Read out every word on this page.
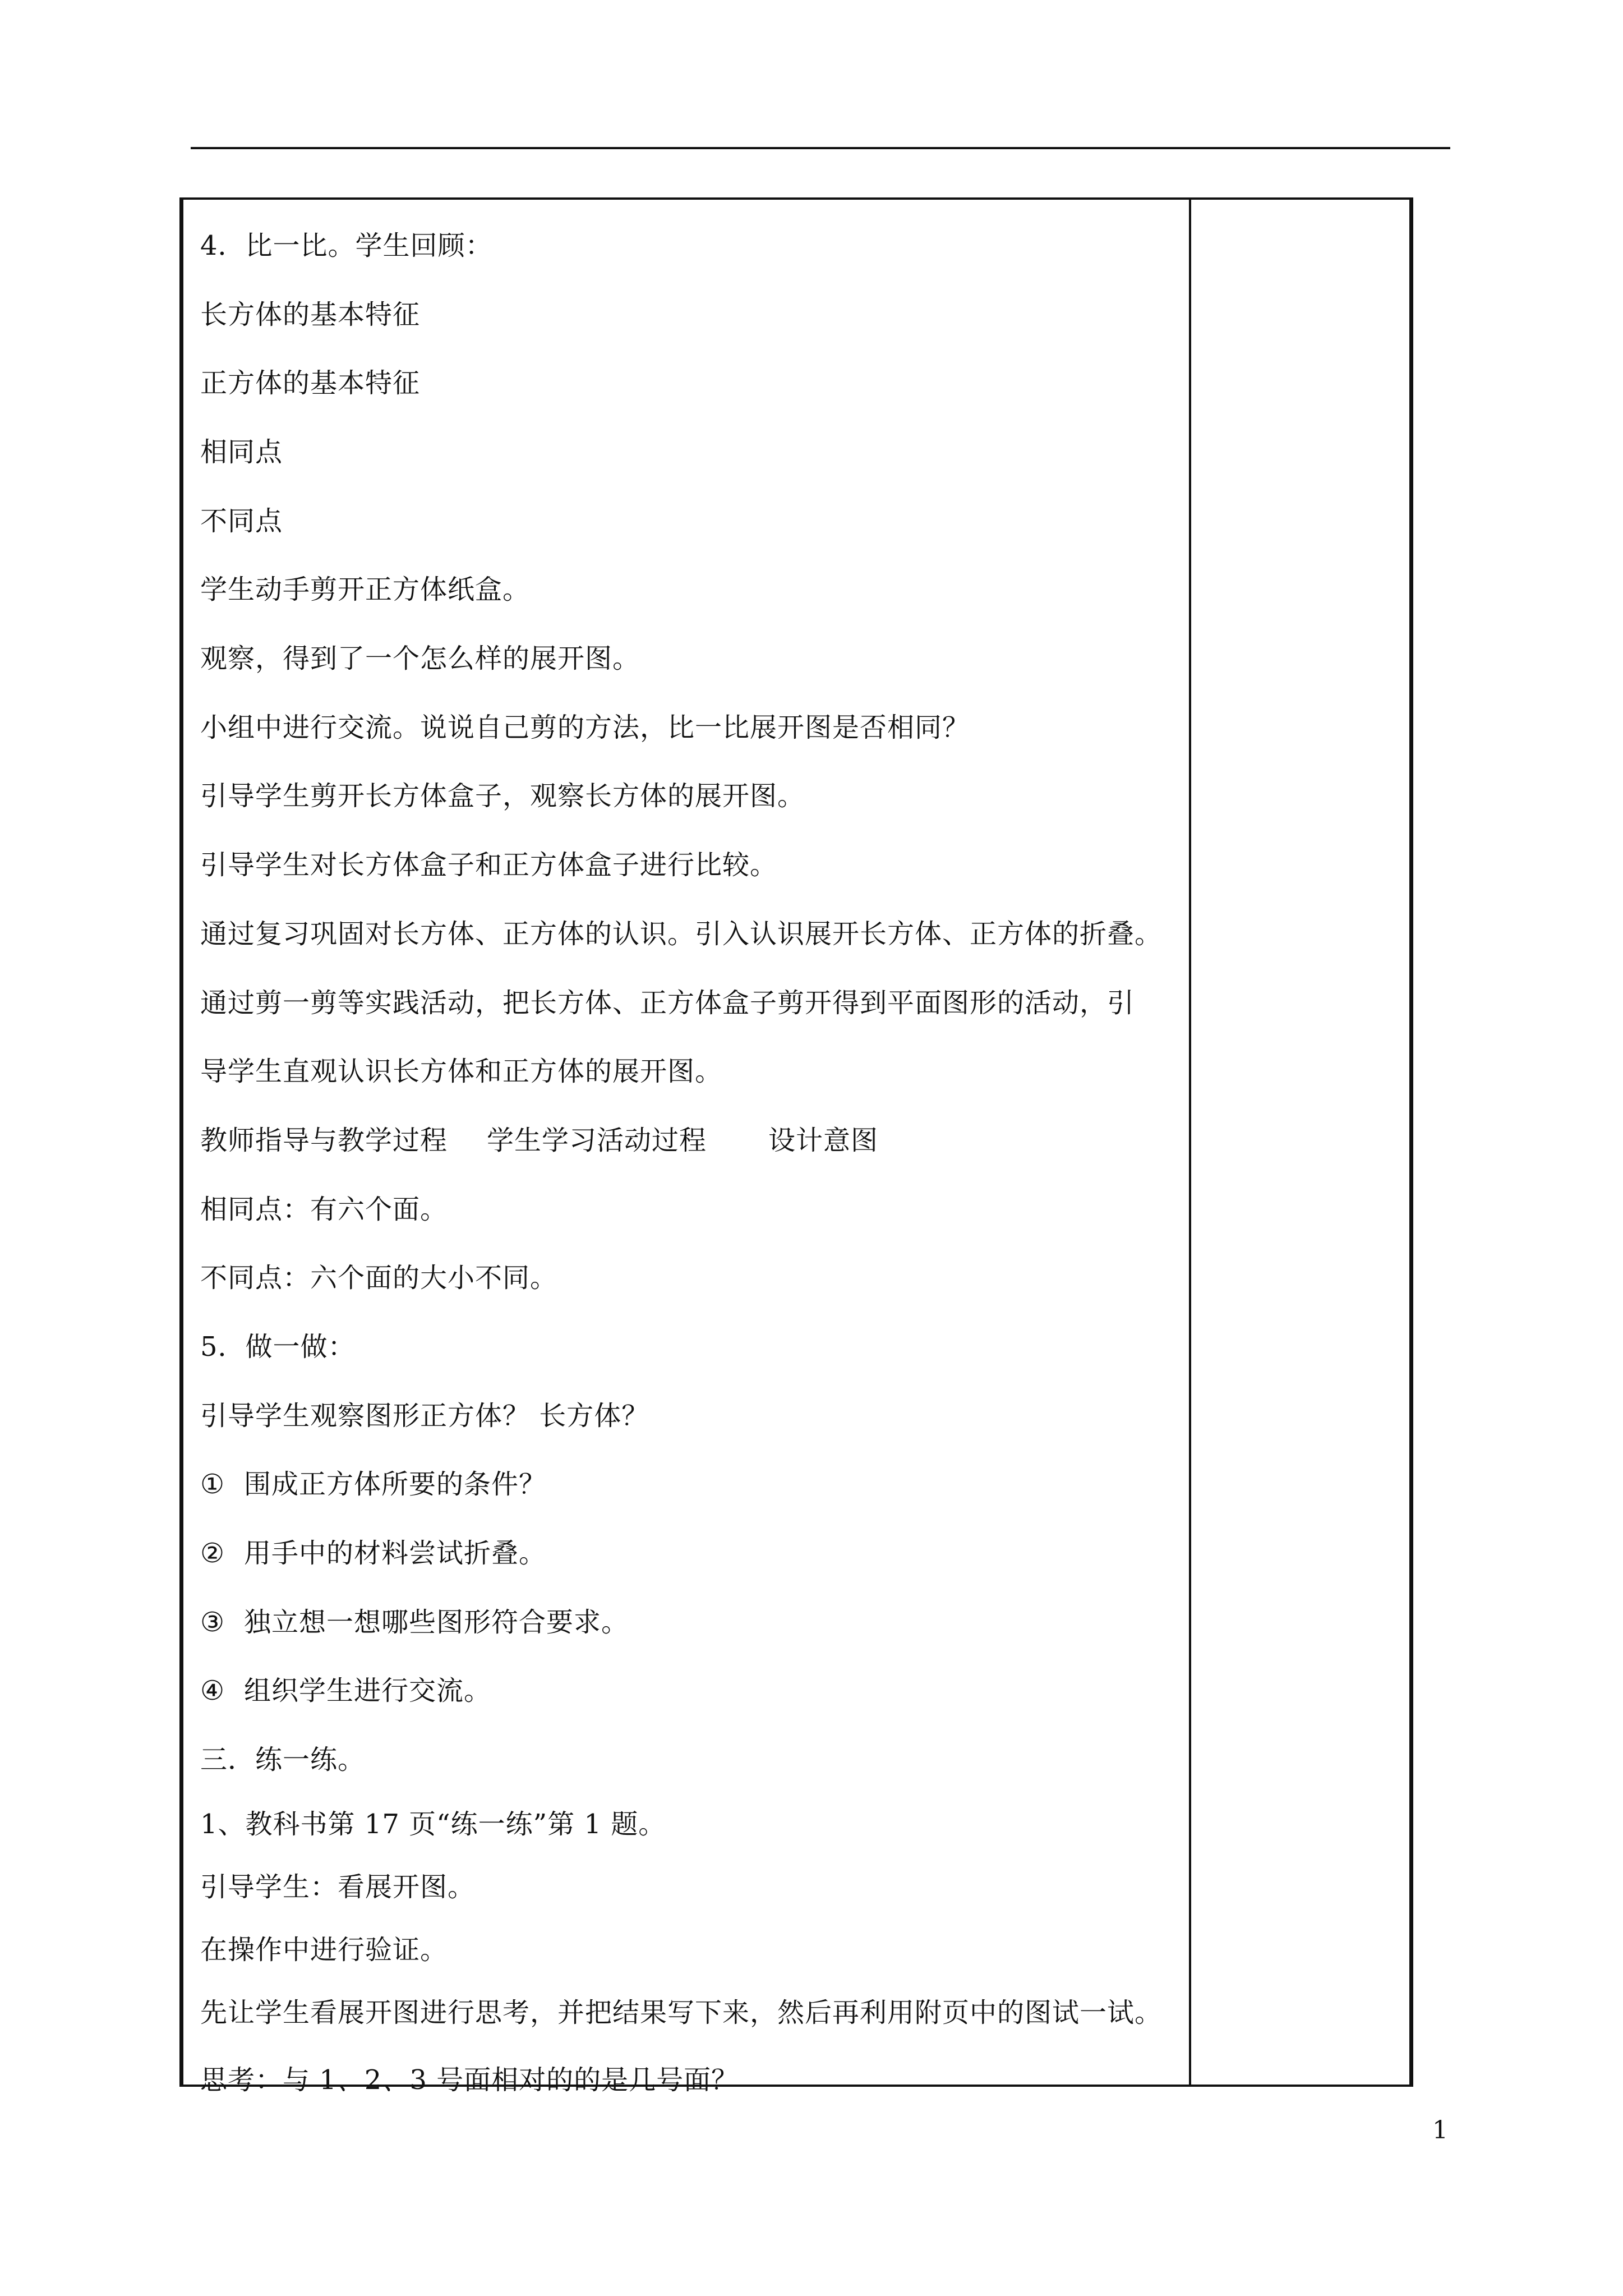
4．比一比。学生回顾：
长方体的基本特征
正方体的基本特征
相同点
不同点
学生动手剪开正方体纸盒。
观察，得到了一个怎么样的展开图。
小组中进行交流。说说自己剪的方法，比一比展开图是否相同？
引导学生剪开长方体盒子，观察长方体的展开图。
引导学生对长方体盒子和正方体盒子进行比较。
通过复习巩固对长方体、正方体的认识。引入认识展开长方体、正方体的折叠。
通过剪一剪等实践活动，把长方体、正方体盒子剪开得到平面图形的活动，引
导学生直观认识长方体和正方体的展开图。
教师指导与教学过程 学生学习活动过程 设计意图
相同点：有六个面。
不同点：六个面的大小不同。
5．做一做：
引导学生观察图形正方体？ 长方体？
① 围成正方体所要的条件？
② 用手中的材料尝试折叠。
③ 独立想一想哪些图形符合要求。
④ 组织学生进行交流。
三．练一练。
1、教科书第 17 页“练一练”第 1 题。
引导学生：看展开图。
在操作中进行验证。
先让学生看展开图进行思考，并把结果写下来，然后再利用附页中的图试一试。
思考：与 1、2、3 号面相对的的是几号面？
1
